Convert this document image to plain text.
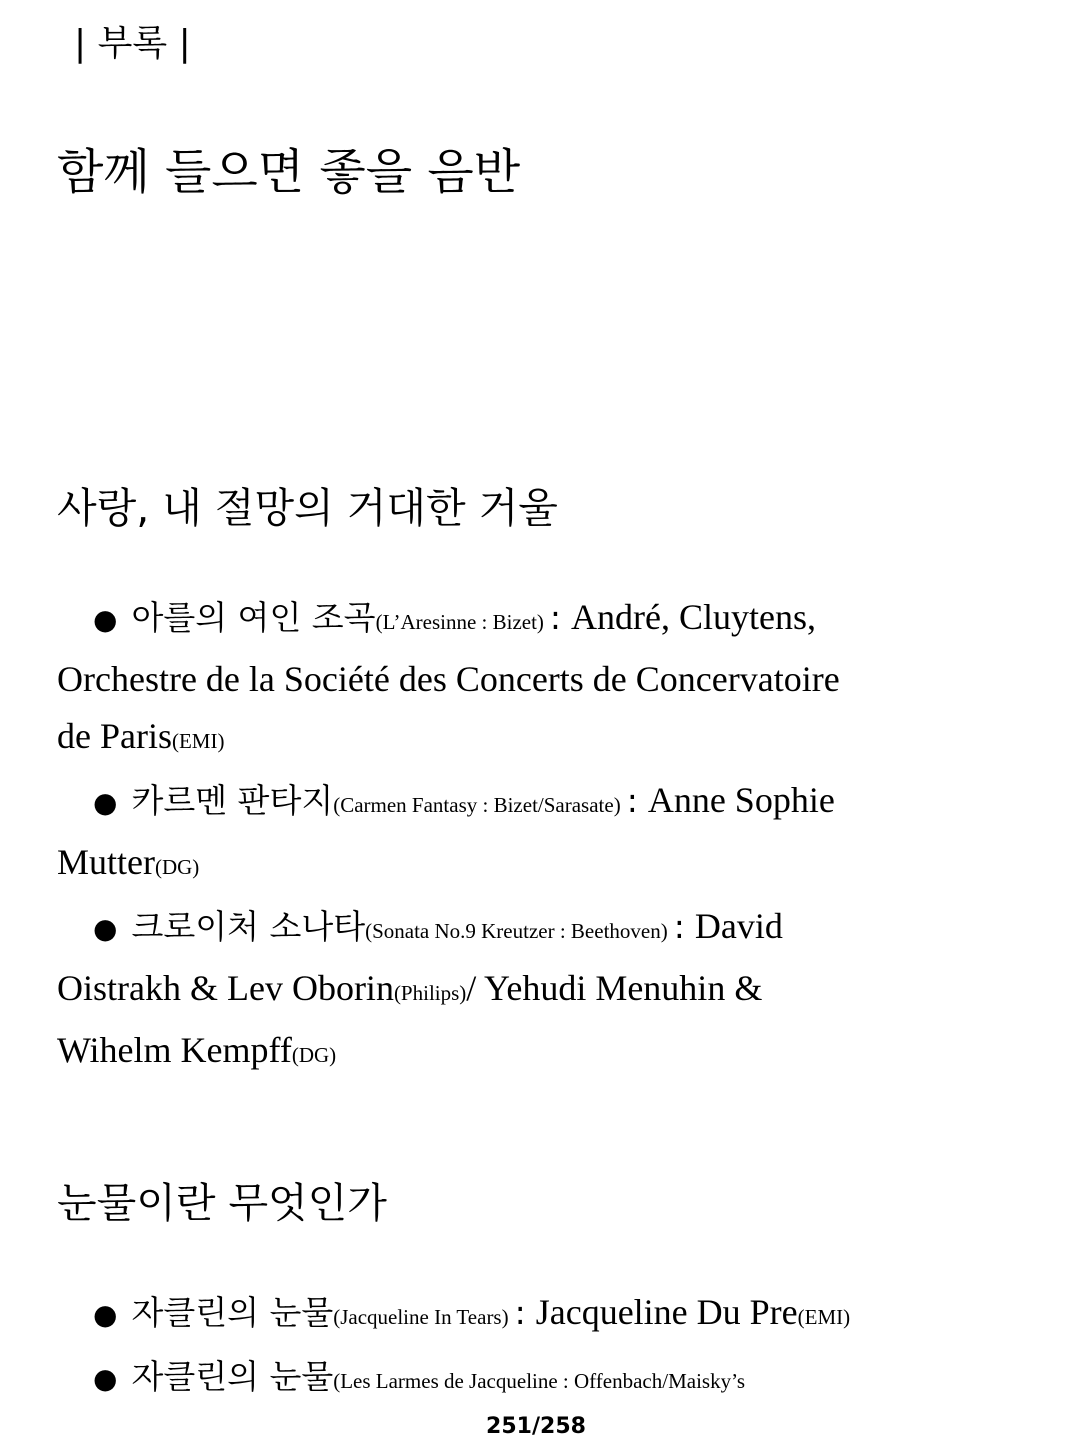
| 부록 |
함께 들으면 좋을 음반
사랑, 내 절망의 거대한 거울

● 아를의 여인 조곡(L’Aresinne : Bizet) : André, Cluytens,

Orchestre de la Société des Concerts de Concervatoire

de Paris(EMI)

● 카르멘 판타지(Carmen Fantasy : Bizet/Sarasate) : Anne Sophie

Mutter(DG)

● 크로이처 소나타(Sonata No.9 Kreutzer : Beethoven) : David

Oistrakh & Lev Oborin(Philips)/ Yehudi Menuhin &

Wihelm Kempff(DG)

눈물이란 무엇인가

● 자클린의 눈물(Jacqueline In Tears) : Jacqueline Du Pre(EMI)

● 자클린의 눈물(Les Larmes de Jacqueline : Offenbach/Maisky’s

251/258
